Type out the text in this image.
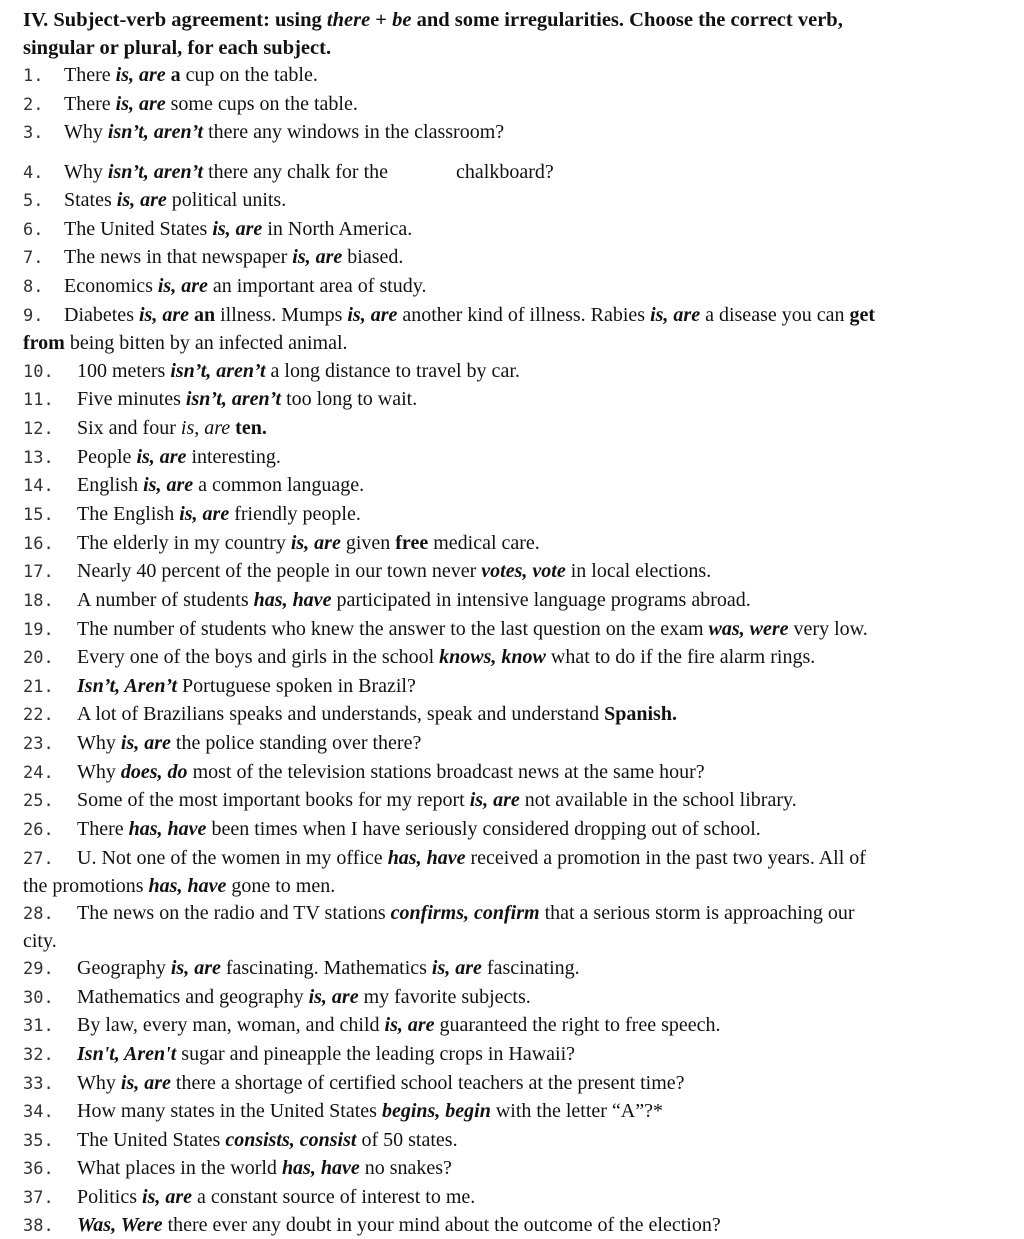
IV. Subject-verb agreement: using there + be and some irregularities. Choose the correct verb,
singular or plural, for each subject.
1. There is, are a cup on the table.
2. There is, are some cups on the table.
3. Why isn’t, aren’t there any windows in the classroom?
4. Why isn’t, aren’t there any chalk for the	chalkboard?
5. States is, are political units.
6. The United States is, are in North America.
7. The news in that newspaper is, are biased.
8. Economics is, are an important area of study.
9. Diabetes is, are an illness. Mumps is, are another kind of illness. Rabies is, are a disease you can get
from being bitten by an infected animal.
10. 100 meters isn’t, aren’t a long distance to travel by car.
11. Five minutes isn’t, aren’t too long to wait.
12. Six and four is, are ten.
13. People is, are interesting.
14. English is, are a common language.
15. The English is, are friendly people.
16. The elderly in my country is, are given free medical care.
17. Nearly 40 percent of the people in our town never votes, vote in local elections.
18. A number of students has, have participated in intensive language programs abroad.
19. The number of students who knew the answer to the last question on the exam was, were very low.
20. Every one of the boys and girls in the school knows, know what to do if the fire alarm rings.
21. Isn’t, Aren’t Portuguese spoken in Brazil?
22. A lot of Brazilians speaks and understands, speak and understand Spanish.
23. Why is, are the police standing over there?
24. Why does, do most of the television stations broadcast news at the same hour?
25. Some of the most important books for my report is, are not available in the school library.
26. There has, have been times when I have seriously considered dropping out of school.
27. U. Not one of the women in my office has, have received a promotion in the past two years. All of
the promotions has, have gone to men.
28. The news on the radio and TV stations confirms, confirm that a serious storm is approaching our
city.
29. Geography is, are fascinating. Mathematics is, are fascinating.
30. Mathematics and geography is, are my favorite subjects.
31. By law, every man, woman, and child is, are guaranteed the right to free speech.
32. Isn't, Aren't sugar and pineapple the leading crops in Hawaii?
33. Why is, are there a shortage of certified school teachers at the present time?
34. How many states in the United States begins, begin with the letter “A”?*
35. The United States consists, consist of 50 states.
36. What places in the world has, have no snakes?
37. Politics is, are a constant source of interest to me.
38. Was, Were there ever any doubt in your mind about the outcome of the election?
